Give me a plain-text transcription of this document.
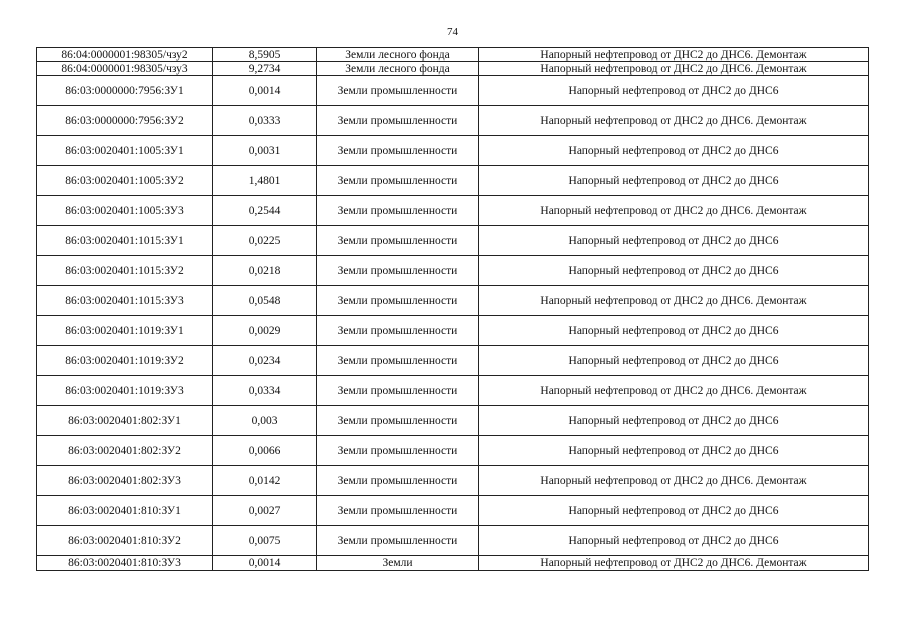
74
86:04:0000001:98305/чзу2	8,5905	Земли лесного фонда	Напорный нефтепровод от ДНС2 до ДНС6. Демонтаж
86:04:0000001:98305/чзу3	9,2734	Земли лесного фонда	Напорный нефтепровод от ДНС2 до ДНС6. Демонтаж
86:03:0000000:7956:ЗУ1	0,0014	Земли промышленности	Напорный нефтепровод от ДНС2 до ДНС6
86:03:0000000:7956:ЗУ2	0,0333	Земли промышленности	Напорный нефтепровод от ДНС2 до ДНС6. Демонтаж
86:03:0020401:1005:ЗУ1	0,0031	Земли промышленности	Напорный нефтепровод от ДНС2 до ДНС6
86:03:0020401:1005:ЗУ2	1,4801	Земли промышленности	Напорный нефтепровод от ДНС2 до ДНС6
86:03:0020401:1005:ЗУ3	0,2544	Земли промышленности	Напорный нефтепровод от ДНС2 до ДНС6. Демонтаж
86:03:0020401:1015:ЗУ1	0,0225	Земли промышленности	Напорный нефтепровод от ДНС2 до ДНС6
86:03:0020401:1015:ЗУ2	0,0218	Земли промышленности	Напорный нефтепровод от ДНС2 до ДНС6
86:03:0020401:1015:ЗУ3	0,0548	Земли промышленности	Напорный нефтепровод от ДНС2 до ДНС6. Демонтаж
86:03:0020401:1019:ЗУ1	0,0029	Земли промышленности	Напорный нефтепровод от ДНС2 до ДНС6
86:03:0020401:1019:ЗУ2	0,0234	Земли промышленности	Напорный нефтепровод от ДНС2 до ДНС6
86:03:0020401:1019:ЗУ3	0,0334	Земли промышленности	Напорный нефтепровод от ДНС2 до ДНС6. Демонтаж
86:03:0020401:802:ЗУ1	0,003	Земли промышленности	Напорный нефтепровод от ДНС2 до ДНС6
86:03:0020401:802:ЗУ2	0,0066	Земли промышленности	Напорный нефтепровод от ДНС2 до ДНС6
86:03:0020401:802:ЗУ3	0,0142	Земли промышленности	Напорный нефтепровод от ДНС2 до ДНС6. Демонтаж
86:03:0020401:810:ЗУ1	0,0027	Земли промышленности	Напорный нефтепровод от ДНС2 до ДНС6
86:03:0020401:810:ЗУ2	0,0075	Земли промышленности	Напорный нефтепровод от ДНС2 до ДНС6
86:03:0020401:810:ЗУ3	0,0014	Земли	Напорный нефтепровод от ДНС2 до ДНС6. Демонтаж
